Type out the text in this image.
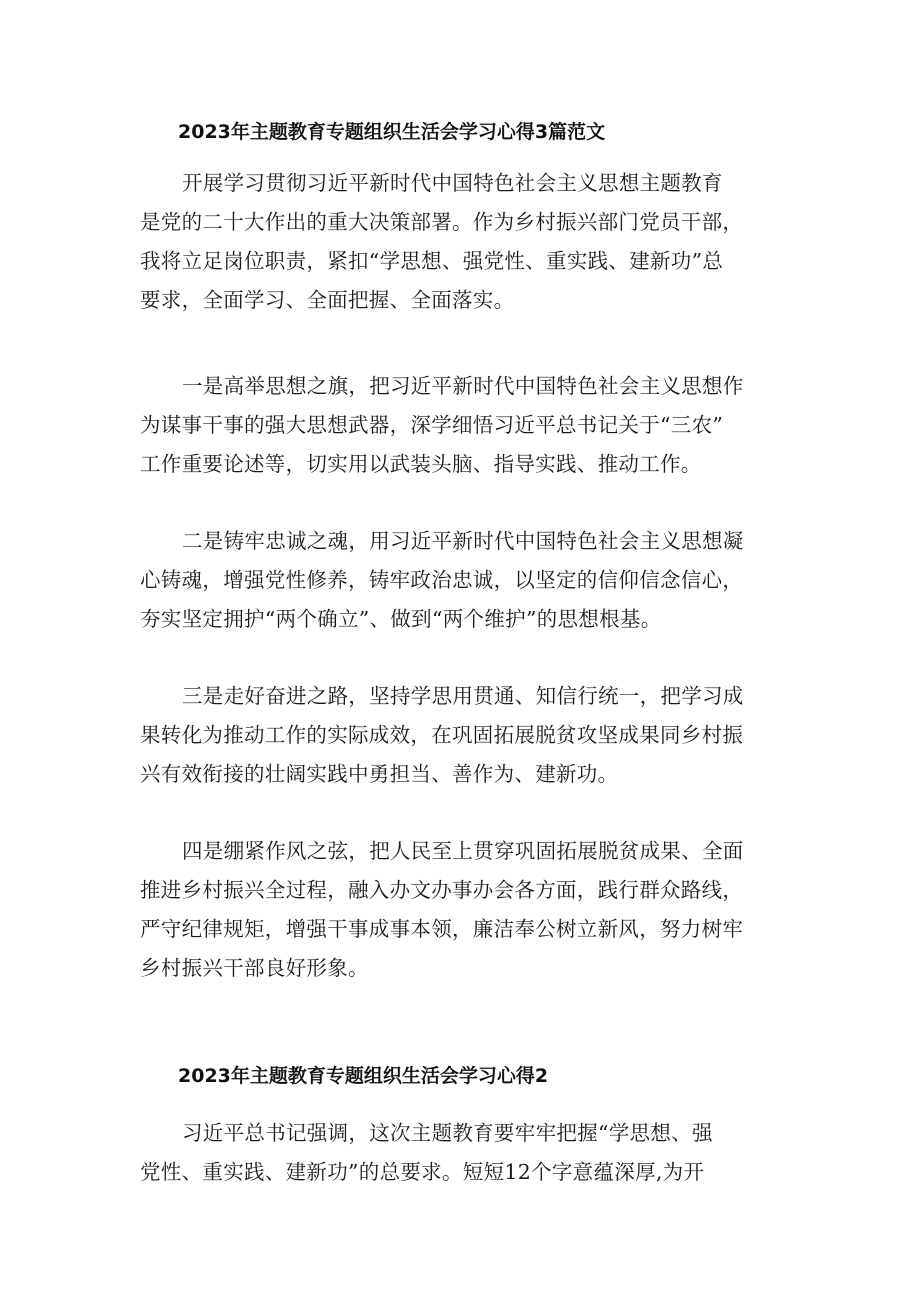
2023年主题教育专题组织生活会学习心得3篇范文
开展学习贯彻习近平新时代中国特色社会主义思想主题教育
是党的二十大作出的重大决策部署。作为乡村振兴部门党员干部，
我将立足岗位职责，紧扣“学思想、强党性、重实践、建新功”总
要求，全面学习、全面把握、全面落实。
一是高举思想之旗，把习近平新时代中国特色社会主义思想作
为谋事干事的强大思想武器，深学细悟习近平总书记关于“三农”
工作重要论述等，切实用以武装头脑、指导实践、推动工作。
二是铸牢忠诚之魂，用习近平新时代中国特色社会主义思想凝
心铸魂，增强党性修养，铸牢政治忠诚，以坚定的信仰信念信心，
夯实坚定拥护“两个确立”、做到“两个维护”的思想根基。
三是走好奋进之路，坚持学思用贯通、知信行统一，把学习成
果转化为推动工作的实际成效，在巩固拓展脱贫攻坚成果同乡村振
兴有效衔接的壮阔实践中勇担当、善作为、建新功。
四是绷紧作风之弦，把人民至上贯穿巩固拓展脱贫成果、全面
推进乡村振兴全过程，融入办文办事办会各方面，践行群众路线，
严守纪律规矩，增强干事成事本领，廉洁奉公树立新风，努力树牢
乡村振兴干部良好形象。
2023年主题教育专题组织生活会学习心得2
习近平总书记强调，这次主题教育要牢牢把握“学思想、强
党性、重实践、建新功”的总要求。短短12个字意蕴深厚,为开
